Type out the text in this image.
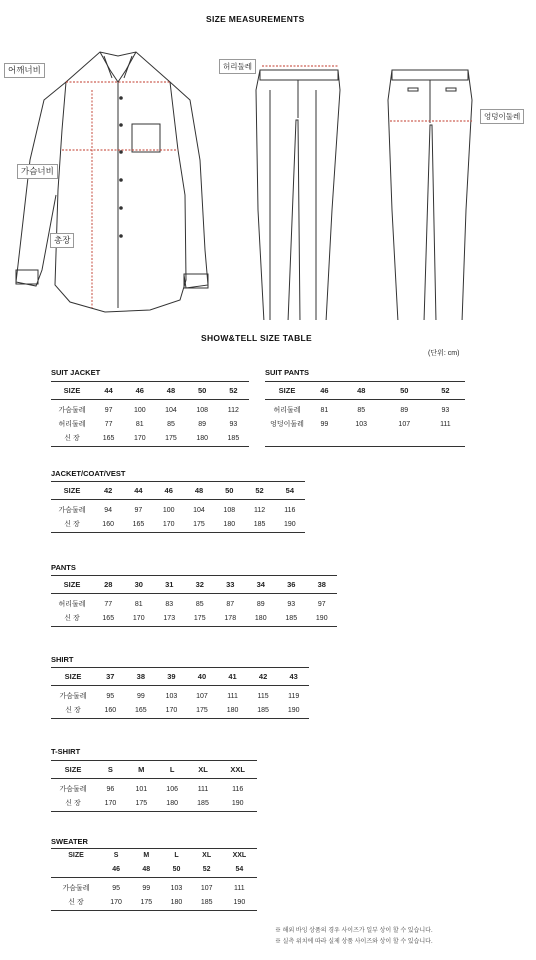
SIZE MEASUREMENTS
어깨너비
가슴너비
총장
허리둘레
엉덩이둘레
SHOW&TELL SIZE TABLE
(단위: cm)
SUIT JACKET
SIZE	44	46	48	50	52

가슴둘레	97	100	104	108	112
허리둘레	77	81	85	89	93
신 장	165	170	175	180	185
SUIT PANTS
SIZE	46	48	50	52

허리둘레	81	85	89	93
엉덩이둘레	99	103	107	111

JACKET/COAT/VEST
SIZE	42	44	46	48	50	52	54

가슴둘레	94	97	100	104	108	112	116
신 장	160	165	170	175	180	185	190
PANTS
SIZE	28	30	31	32	33	34	36	38

허리둘레	77	81	83	85	87	89	93	97
신 장	165	170	173	175	178	180	185	190
SHIRT
SIZE	37	38	39	40	41	42	43

가슴둘레	95	99	103	107	111	115	119
신 장	160	165	170	175	180	185	190
T-SHIRT
SIZE	S	M	L	XL	XXL

가슴둘레	96	101	106	111	116
신 장	170	175	180	185	190
SWEATER
SIZE	S	M	L	XL	XXL
	46	48	50	52	54

가슴둘레	95	99	103	107	111
신 장	170	175	180	185	190
※ 해외 바잉 상품의 경우 사이즈가 일부 상이 할 수 있습니다.
※ 실측 위치에 따라 실제 상품 사이즈와 상이 할 수 있습니다.
